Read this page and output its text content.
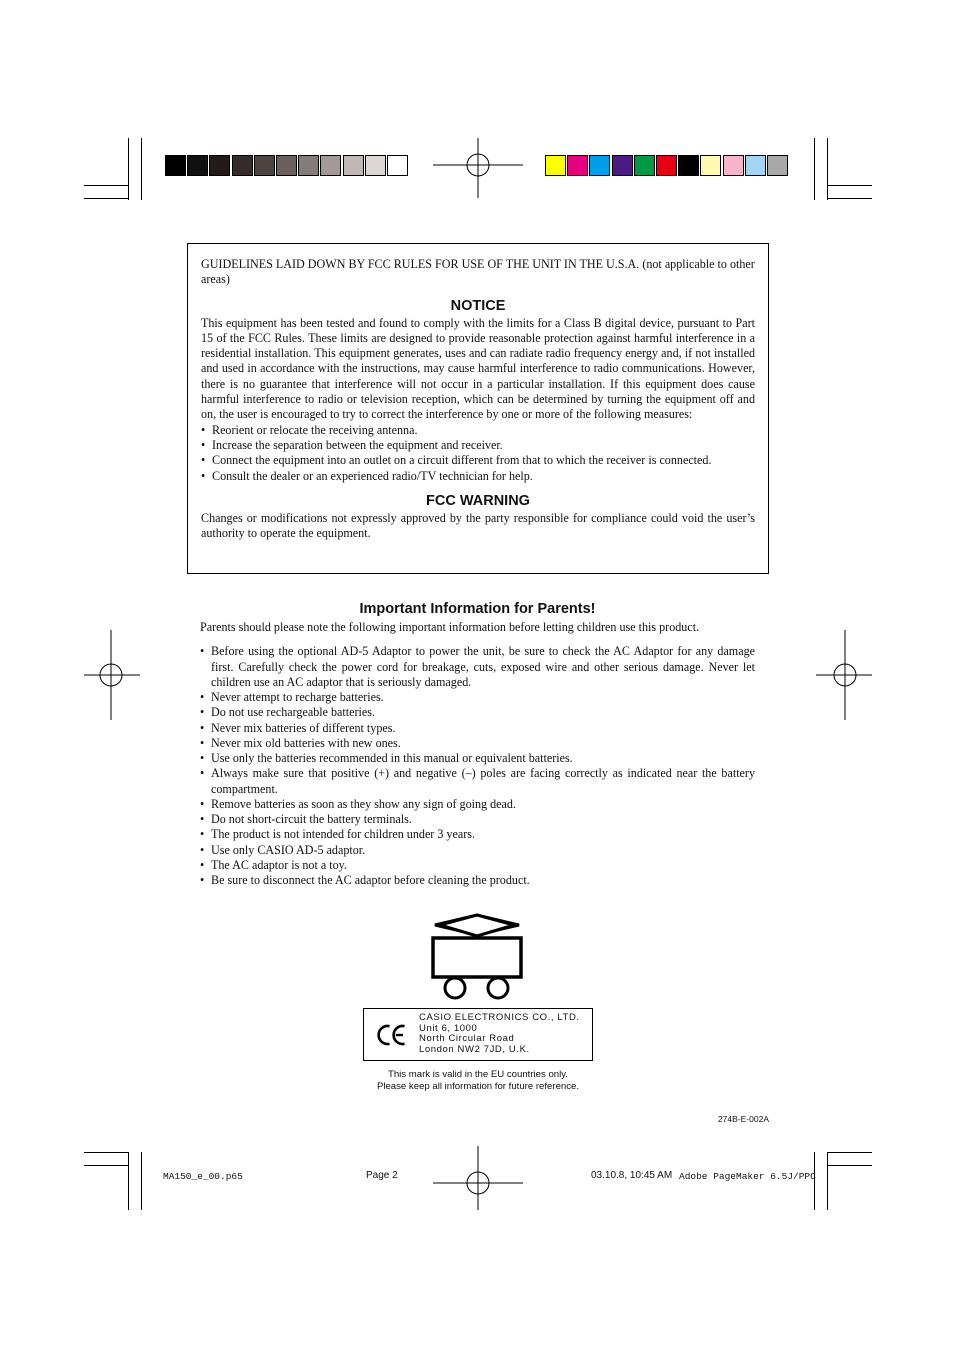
GUIDELINES LAID DOWN BY FCC RULES FOR USE OF THE UNIT IN THE U.S.A. (not applicable to other areas)

NOTICE

This equipment has been tested and found to comply with the limits for a Class B digital device, pursuant to Part 15 of the FCC Rules. These limits are designed to provide reasonable protection against harmful interference in a residential installation. This equipment generates, uses and can radiate radio frequency energy and, if not installed and used in accordance with the instructions, may cause harmful interference to radio communications. However, there is no guarantee that interference will not occur in a particular installation. If this equipment does cause harmful interference to radio or television reception, which can be determined by turning the equipment off and on, the user is encouraged to try to correct the interference by one or more of the following measures:

• Reorient or relocate the receiving antenna.
• Increase the separation between the equipment and receiver.
• Connect the equipment into an outlet on a circuit different from that to which the receiver is connected.
• Consult the dealer or an experienced radio/TV technician for help.
FCC WARNING

Changes or modifications not expressly approved by the party responsible for compliance could void the user’s authority to operate the equipment.

Important Information for Parents!

Parents should please note the following important information before letting children use this product.

• Before using the optional AD-5 Adaptor to power the unit, be sure to check the AC Adaptor for any damage first. Carefully check the power cord for breakage, cuts, exposed wire and other serious damage. Never let children use an AC adaptor that is seriously damaged.
• Never attempt to recharge batteries.
• Do not use rechargeable batteries.
• Never mix batteries of different types.
• Never mix old batteries with new ones.
• Use only the batteries recommended in this manual or equivalent batteries.
• Always make sure that positive (+) and negative (–) poles are facing correctly as indicated near the battery compartment.
• Remove batteries as soon as they show any sign of going dead.
• Do not short-circuit the battery terminals.
• The product is not intended for children under 3 years.
• Use only CASIO AD-5 adaptor.
• The AC adaptor is not a toy.
• Be sure to disconnect the AC adaptor before cleaning the product.
CASIO ELECTRONICS CO., LTD.
Unit 6, 1000
North Circular Road
London NW2 7JD, U.K.
This mark is valid in the EU countries only.
Please keep all information for future reference.
274B-E-002A
MA150_e_00.p65	Page 2	03.10.8, 10:45 AM Adobe PageMaker 6.5J/PPC
